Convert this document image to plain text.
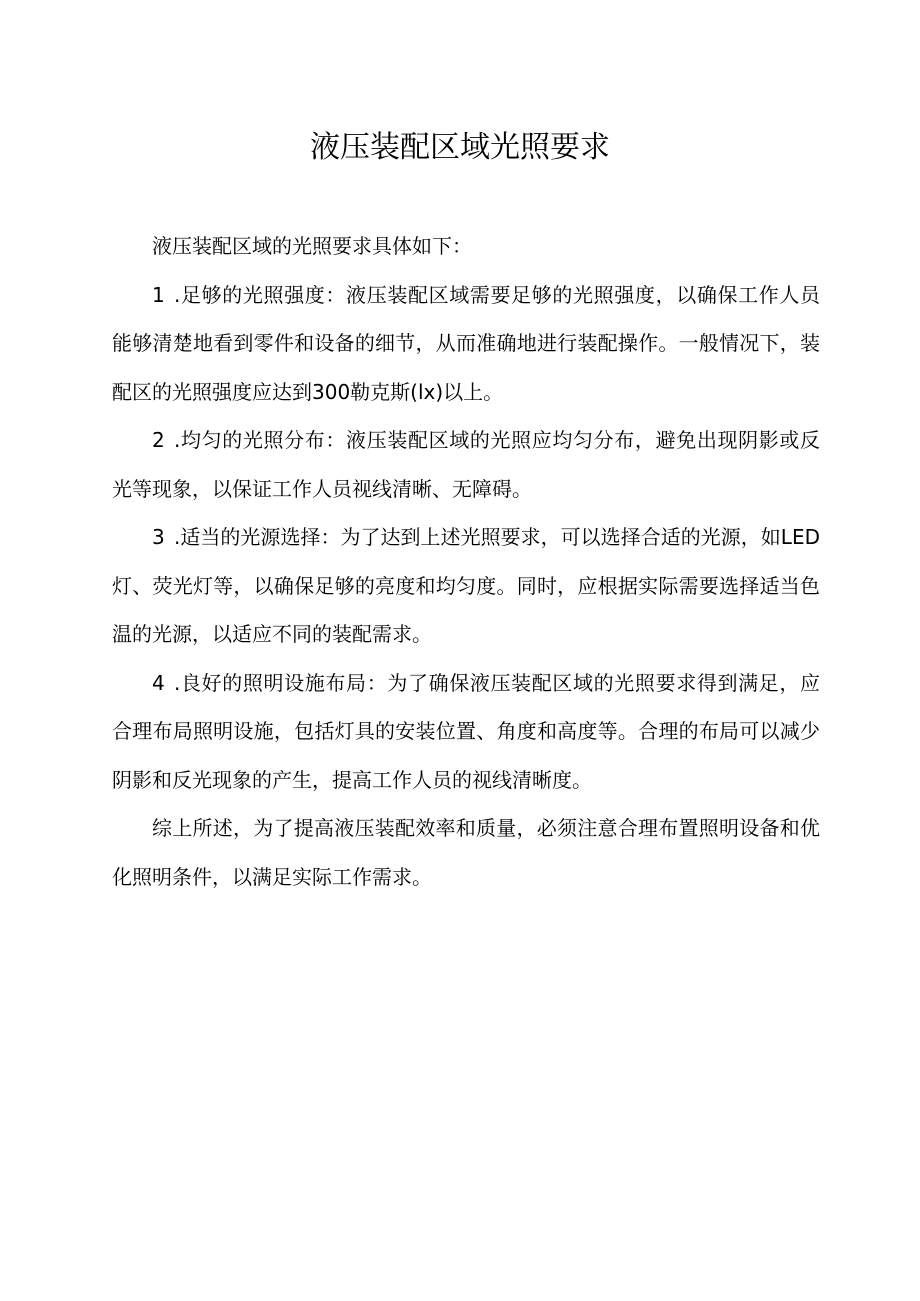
液压装配区域光照要求

液压装配区域的光照要求具体如下：

1 .足够的光照强度：液压装配区域需要足够的光照强度，以确保工作人员能够清楚地看到零件和设备的细节，从而准确地进行装配操作。一般情况下，装配区的光照强度应达到300勒克斯(lx)以上。

2 .均匀的光照分布：液压装配区域的光照应均匀分布，避免出现阴影或反光等现象，以保证工作人员视线清晰、无障碍。

3 .适当的光源选择：为了达到上述光照要求，可以选择合适的光源，如LED灯、荧光灯等，以确保足够的亮度和均匀度。同时，应根据实际需要选择适当色温的光源，以适应不同的装配需求。

4 .良好的照明设施布局：为了确保液压装配区域的光照要求得到满足，应合理布局照明设施，包括灯具的安装位置、角度和高度等。合理的布局可以减少阴影和反光现象的产生，提高工作人员的视线清晰度。

综上所述，为了提高液压装配效率和质量，必须注意合理布置照明设备和优化照明条件，以满足实际工作需求。
